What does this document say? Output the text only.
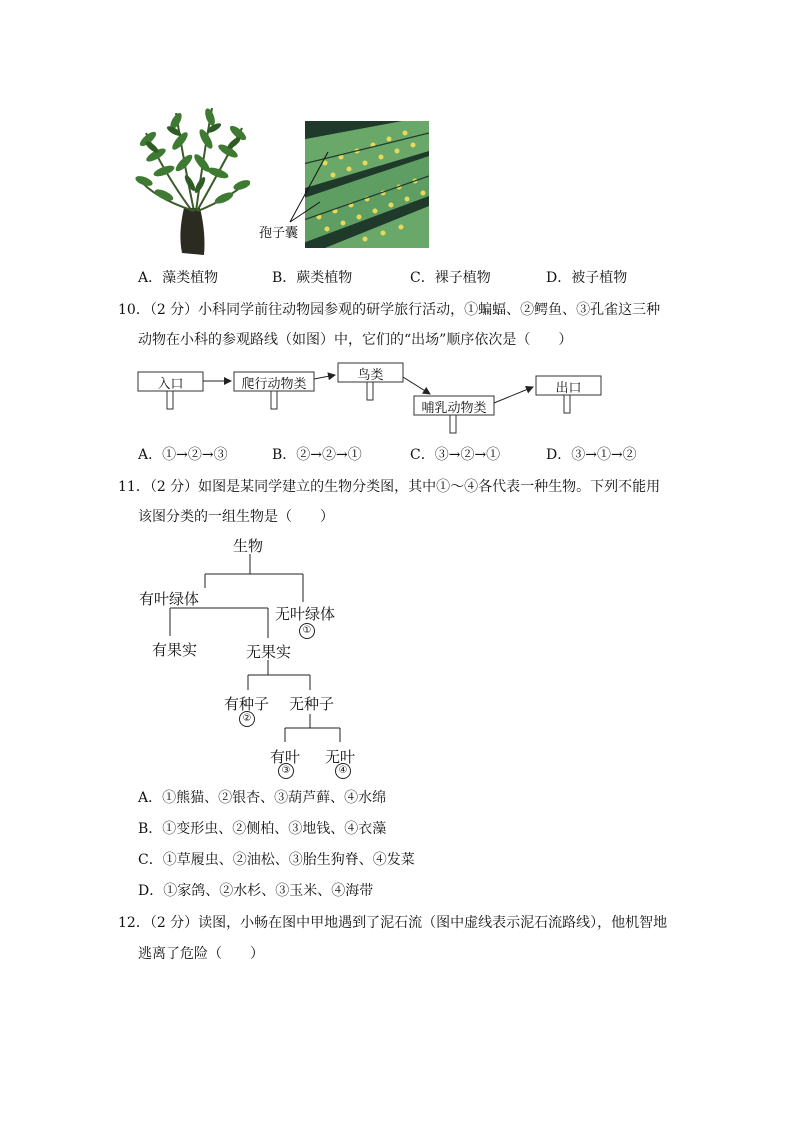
孢子囊
A．藻类植物	B．蕨类植物	C．裸子植物	D．被子植物
10．（2 分）小科同学前往动物园参观的研学旅行活动，①蝙蝠、②鳄鱼、③孔雀这三种
动物在小科的参观路线（如图）中，它们的“出场”顺序依次是（　　）
入口	爬行动物类
鸟类
哺乳动物类
出口
A．①→②→③	B．②→②→①	C．③→②→①	D．③→①→②
11．（2 分）如图是某同学建立的生物分类图，其中①～④各代表一种生物。下列不能用
该图分类的一组生物是（　　）
生物
有叶绿体
无叶绿体
①
有果实	无果实
有种子
②
无种子
有叶
③
无叶
④
A．①熊猫、②银杏、③葫芦藓、④水绵
B．①变形虫、②侧柏、③地钱、④衣藻
C．①草履虫、②油松、③胎生狗脊、④发菜
D．①家鸽、②水杉、③玉米、④海带
12．（2 分）读图，小畅在图中甲地遇到了泥石流（图中虚线表示泥石流路线），他机智地
逃离了危险（　　）
